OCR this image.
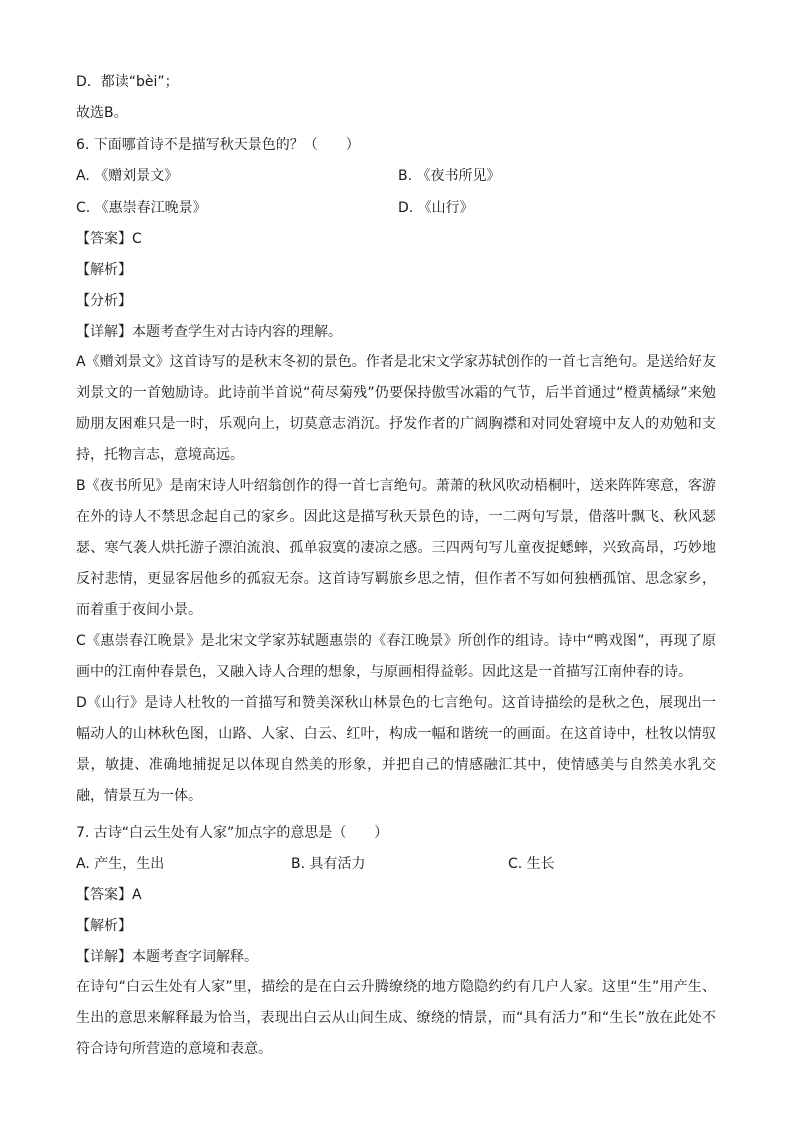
D．都读“bèi”；
故选B。
6. 下面哪首诗不是描写秋天景色的？（　　）
A. 《赠刘景文》	B. 《夜书所见》
C. 《惠崇春江晚景》	D. 《山行》
【答案】C
【解析】
【分析】
【详解】本题考查学生对古诗内容的理解。
A《赠刘景文》这首诗写的是秋末冬初的景色。作者是北宋文学家苏轼创作的一首七言绝句。是送给好友刘景文的一首勉励诗。此诗前半首说“荷尽菊残”仍要保持傲雪冰霜的气节，后半首通过“橙黄橘绿”来勉励朋友困难只是一时，乐观向上，切莫意志消沉。抒发作者的广阔胸襟和对同处窘境中友人的劝勉和支持，托物言志，意境高远。
B《夜书所见》是南宋诗人叶绍翁创作的得一首七言绝句。萧萧的秋风吹动梧桐叶，送来阵阵寒意，客游在外的诗人不禁思念起自己的家乡。因此这是描写秋天景色的诗，一二两句写景，借落叶飘飞、秋风瑟瑟、寒气袭人烘托游子漂泊流浪、孤单寂寞的凄凉之感。三四两句写儿童夜捉蟋蟀，兴致高昂，巧妙地反衬悲情，更显客居他乡的孤寂无奈。这首诗写羁旅乡思之情，但作者不写如何独栖孤馆、思念家乡，而着重于夜间小景。
C《惠崇春江晚景》是北宋文学家苏轼题惠崇的《春江晚景》所创作的组诗。诗中“鸭戏图”，再现了原画中的江南仲春景色，又融入诗人合理的想象，与原画相得益彰。因此这是一首描写江南仲春的诗。
D《山行》是诗人杜牧的一首描写和赞美深秋山林景色的七言绝句。这首诗描绘的是秋之色，展现出一幅动人的山林秋色图，山路、人家、白云、红叶，构成一幅和谐统一的画面。在这首诗中，杜牧以情驭景，敏捷、准确地捕捉足以体现自然美的形象，并把自己的情感融汇其中，使情感美与自然美水乳交融，情景互为一体。
7. 古诗“白云生处有人家”加点字的意思是（　　）
A. 产生，生出	B. 具有活力	C. 生长
【答案】A
【解析】
【详解】本题考查字词解释。
在诗句“白云生处有人家”里，描绘的是在白云升腾缭绕的地方隐隐约约有几户人家。这里“生”用产生、生出的意思来解释最为恰当，表现出白云从山间生成、缭绕的情景，而“具有活力”和“生长”放在此处不符合诗句所营造的意境和表意。
